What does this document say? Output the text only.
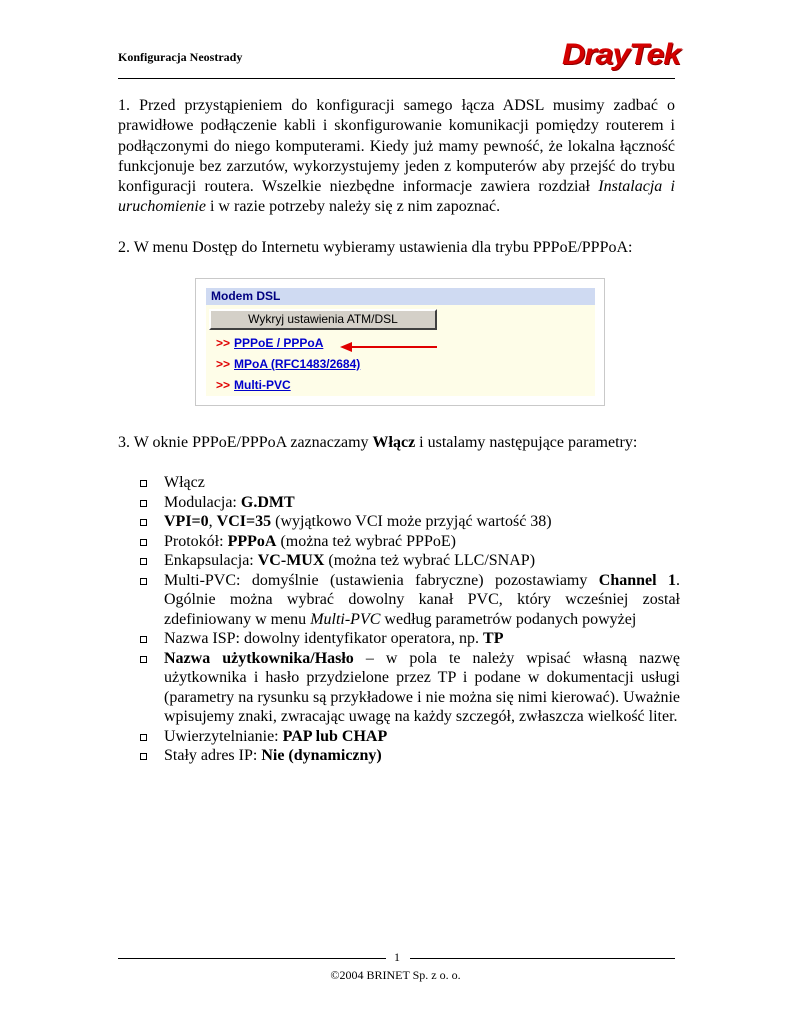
Konfiguracja Neostrady	DrayTek
1. Przed przystąpieniem do konfiguracji samego łącza ADSL musimy zadbać o prawidłowe podłączenie kabli i skonfigurowanie komunikacji pomiędzy routerem i podłączonymi do niego komputerami. Kiedy już mamy pewność, że lokalna łączność funkcjonuje bez zarzutów, wykorzystujemy jeden z komputerów aby przejść do trybu konfiguracji routera. Wszelkie niezbędne informacje zawiera rozdział Instalacja i uruchomienie i w razie potrzeby należy się z nim zapoznać.
2. W menu Dostęp do Internetu wybieramy ustawienia dla trybu PPPoE/PPPoA:
Modem DSL
Wykryj ustawienia ATM/DSL
>> PPPoE / PPPoA
>> MPoA (RFC1483/2684)
>> Multi-PVC
3. W oknie PPPoE/PPPoA zaznaczamy Włącz i ustalamy następujące parametry:
Włącz
Modulacja: G.DMT
VPI=0, VCI=35 (wyjątkowo VCI może przyjąć wartość 38)
Protokół: PPPoA (można też wybrać PPPoE)
Enkapsulacja: VC-MUX (można też wybrać LLC/SNAP)
Multi-PVC: domyślnie (ustawienia fabryczne) pozostawiamy Channel 1. Ogólnie można wybrać dowolny kanał PVC, który wcześniej został zdefiniowany w menu Multi-PVC według parametrów podanych powyżej
Nazwa ISP: dowolny identyfikator operatora, np. TP
Nazwa użytkownika/Hasło – w pola te należy wpisać własną nazwę użytkownika i hasło przydzielone przez TP i podane w dokumentacji usługi (parametry na rysunku są przykładowe i nie można się nimi kierować). Uważnie wpisujemy znaki, zwracając uwagę na każdy szczegół, zwłaszcza wielkość liter.
Uwierzytelnianie: PAP lub CHAP
Stały adres IP: Nie (dynamiczny)
1
©2004 BRINET Sp. z o. o.
